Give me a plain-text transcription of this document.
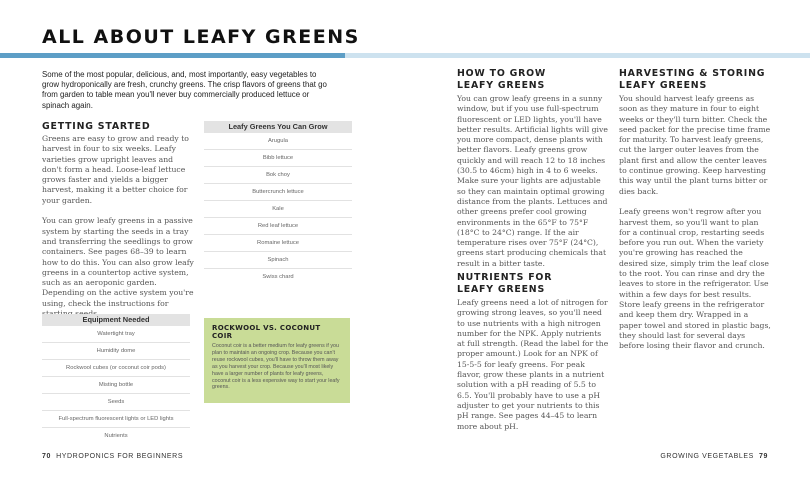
ALL ABOUT LEAFY GREENS

Some of the most popular, delicious, and, most importantly, easy vegetables to grow hydroponically are fresh, crunchy greens. The crisp flavors of greens that go from garden to table mean you'll never buy commercially produced lettuce or spinach again.

GETTING STARTED

Greens are easy to grow and ready to harvest in four to six weeks. Leafy varieties grow upright leaves and don't form a head. Loose-leaf lettuce grows faster and yields a bigger harvest, making it a better choice for your garden.

You can grow leafy greens in a passive system by starting the seeds in a tray and transferring the seedlings to grow containers. See pages 68–39 to learn how to do this. You can also grow leafy greens in a countertop active system, such as an aeroponic garden. Depending on the active system you're using, check the instructions for

Leafy Greens You Can Grow
Arugula
Bibb lettuce
Bok choy
Buttercrunch lettuce
Kale
Red leaf lettuce
Romaine lettuce
Spinach
Swiss chard
Equipment Needed
Watertight tray
Humidity dome
Rockwool cubes (or coconut coir pods)
Misting bottle
Seeds
Full-spectrum fluorescent lights or LED lights
Nutrients
ROCKWOOL VS. COCONUT COIR
Coconut coir is a better medium for leafy greens if you plan to maintain an ongoing crop. Because you can't reuse rockwool cubes, you'll have to throw them away as you harvest your crop. Because you'll most likely have a larger number of plants for leafy greens, coconut coir is a less expensive way to start your leafy greens.
HOW TO GROW
LEAFY GREENS

You can grow leafy greens in a sunny window, but if you use full-spectrum fluorescent or LED lights, you'll have better results. Artificial lights will give you more compact, dense plants with better flavors. Leafy greens grow quickly and will reach 12 to 18 inches (30.5 to 46cm) high in 4 to 6 weeks. Make sure your lights are adjustable so they can maintain optimal growing distance from the plants. Lettuces and other greens prefer cool growing environments in the 65°F to 75°F (18°C to 24°C) range. If the air temperature rises over 75°F (24°C), greens start producing chemicals that result in a bitter taste.

NUTRIENTS FOR
LEAFY GREENS

Leafy greens need a lot of nitrogen for growing strong leaves, so you'll need to use nutrients with a high nitrogen number for the NPK. Apply nutrients at full strength. (Read the label for the proper amount.) Look for an NPK of 15-5-5 for leafy greens. For peak flavor, grow these plants in a nutrient solution with a pH reading of 5.5 to 6.5. You'll probably have to use a pH adjuster to get your nutrients to this pH range. See pages 44–45 to learn more about pH.

HARVESTING & STORING
LEAFY GREENS

You should harvest leafy greens as soon as they mature in four to eight weeks or they'll turn bitter. Check the seed packet for the precise time frame for maturity. To harvest leafy greens, cut the larger outer leaves from the plant first and allow the center leaves to continue growing. Keep harvesting this way until the plant turns bitter or dies back.

Leafy greens won't regrow after you harvest them, so you'll want to plan for a continual crop, restarting seeds before you run out. When the variety you're growing has reached the desired size, simply trim the leaf close to the root. You can rinse and dry the leaves to store in the refrigerator. Use within a few days for best results. Store leafy greens in the refrigerator and keep them dry. Wrapped in a paper towel and stored in plastic bags, they should last for several days before losing their flavor and crunch.

70 HYDROPONICS FOR BEGINNERS	GROWING VEGETABLES 79
